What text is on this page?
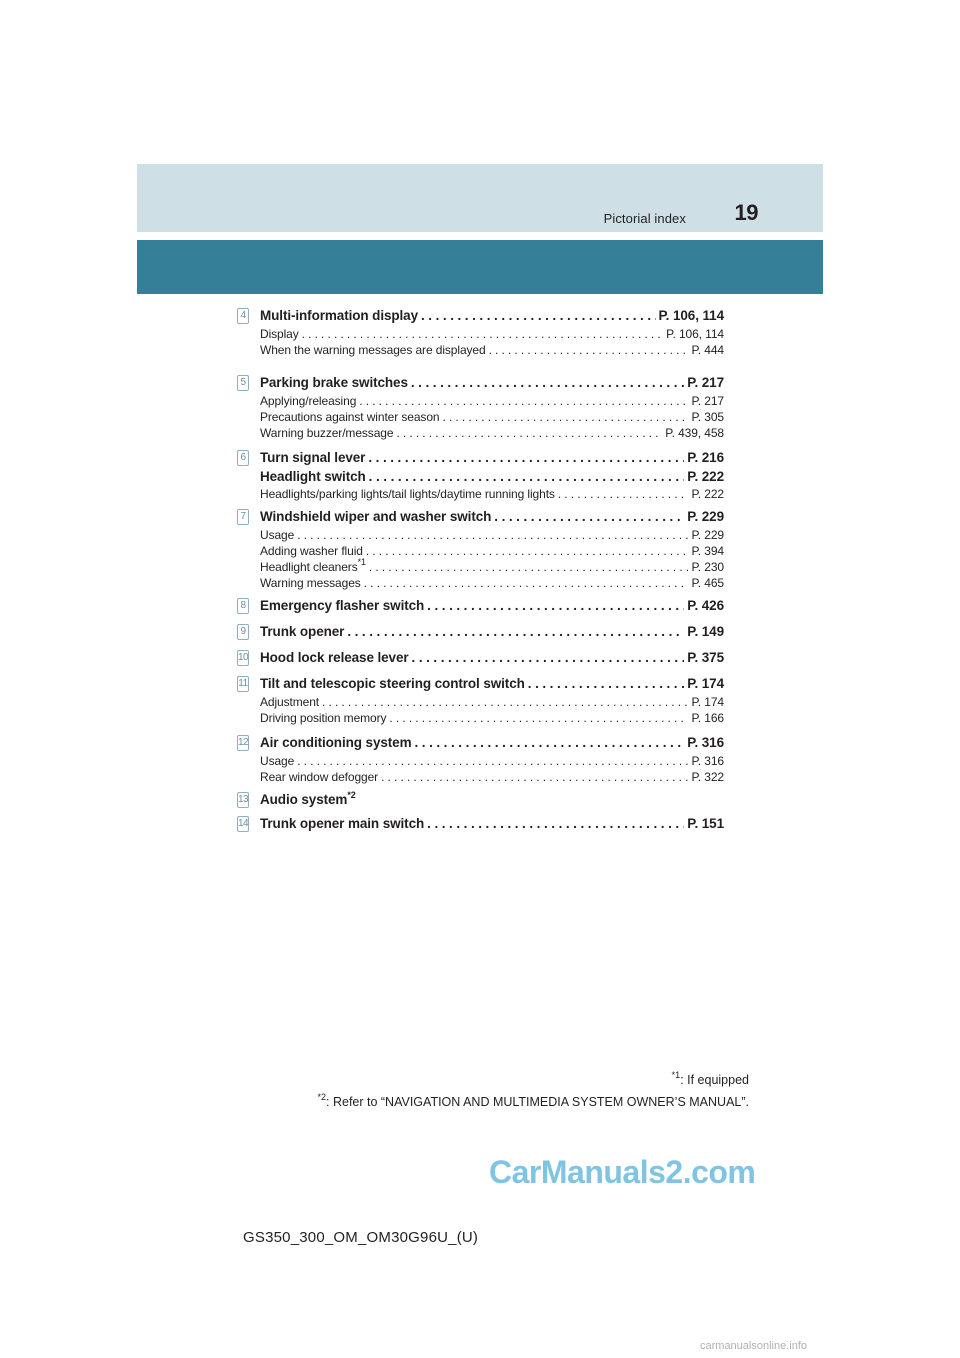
Pictorial index	19
4 Multi-information display . . .	P. 106, 114
Display . . .	P. 106, 114
When the warning messages are displayed . . .	P. 444
5 Parking brake switches . . .	P. 217
Applying/releasing . . .	P. 217
Precautions against winter season . . .	P. 305
Warning buzzer/message . . .	P. 439, 458
6 Turn signal lever . . .	P. 216
Headlight switch . . .	P. 222
Headlights/parking lights/tail lights/daytime running lights . . .	P. 222
7 Windshield wiper and washer switch . . .	P. 229
Usage . . .	P. 229
Adding washer fluid . . .	P. 394
Headlight cleaners$^{*1}$ . . .	P. 230
Warning messages . . .	P. 465
8 Emergency flasher switch . . .	P. 426
9 Trunk opener . . .	P. 149
10 Hood lock release lever . . .	P. 375
11 Tilt and telescopic steering control switch . . .	P. 174
Adjustment . . .	P. 174
Driving position memory . . .	P. 166
12 Air conditioning system . . .	P. 316
Usage . . .	P. 316
Rear window defogger . . .	P. 322
13 Audio system$^{*2}$
14 Trunk opener main switch . . .	P. 151
$^{*1}$: If equipped
$^{*2}$: Refer to “NAVIGATION AND MULTIMEDIA SYSTEM OWNER’S MANUAL”.
CarManuals2.com
GS350_300_OM_OM30G96U_(U)
carmanualsonline.info
